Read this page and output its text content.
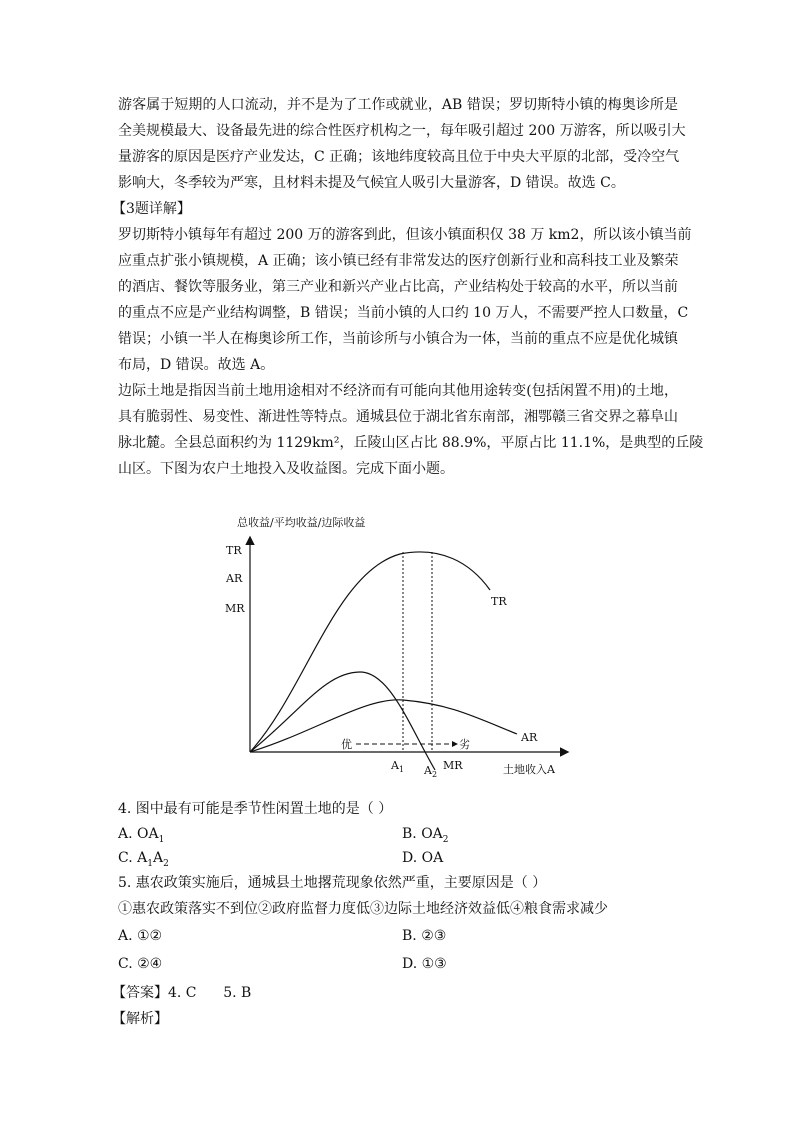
游客属于短期的人口流动，并不是为了工作或就业，AB 错误；罗切斯特小镇的梅奥诊所是
全美规模最大、设备最先进的综合性医疗机构之一，每年吸引超过 200 万游客，所以吸引大
量游客的原因是医疗产业发达，C 正确；该地纬度较高且位于中央大平原的北部，受冷空气
影响大，冬季较为严寒，且材料未提及气候宜人吸引大量游客，D 错误。故选 C。
【3题详解】
罗切斯特小镇每年有超过 200 万的游客到此，但该小镇面积仅 38 万 km2，所以该小镇当前
应重点扩张小镇规模，A 正确；该小镇已经有非常发达的医疗创新行业和高科技工业及繁荣
的酒店、餐饮等服务业，第三产业和新兴产业占比高，产业结构处于较高的水平，所以当前
的重点不应是产业结构调整，B 错误；当前小镇的人口约 10 万人，不需要严控人口数量，C
错误；小镇一半人在梅奥诊所工作，当前诊所与小镇合为一体，当前的重点不应是优化城镇
布局，D 错误。故选 A。
边际土地是指因当前土地用途相对不经济而有可能向其他用途转变(包括闲置不用)的土地，
具有脆弱性、易变性、渐进性等特点。通城县位于湖北省东南部，湘鄂赣三省交界之幕阜山
脉北麓。全县总面积约为 1129km²，丘陵山区占比 88.9%，平原占比 11.1%，是典型的丘陵
山区。下图为农户土地投入及收益图。完成下面小题。
总收益/平均收益/边际收益
TR
AR
MR
TR
AR
MR
优	劣
$A_1$ $A_2$	土地收入A
4. 图中最有可能是季节性闲置土地的是（ ）
A. $OA_1$	B. $OA_2$
C. $A_1A_2$	D. OA
5. 惠农政策实施后，通城县土地撂荒现象依然严重，主要原因是（ ）
①惠农政策落实不到位②政府监督力度低③边际土地经济效益低④粮食需求减少
A. ①②	B. ②③
C. ②④	D. ①③
【答案】4. C      5. B
【解析】
